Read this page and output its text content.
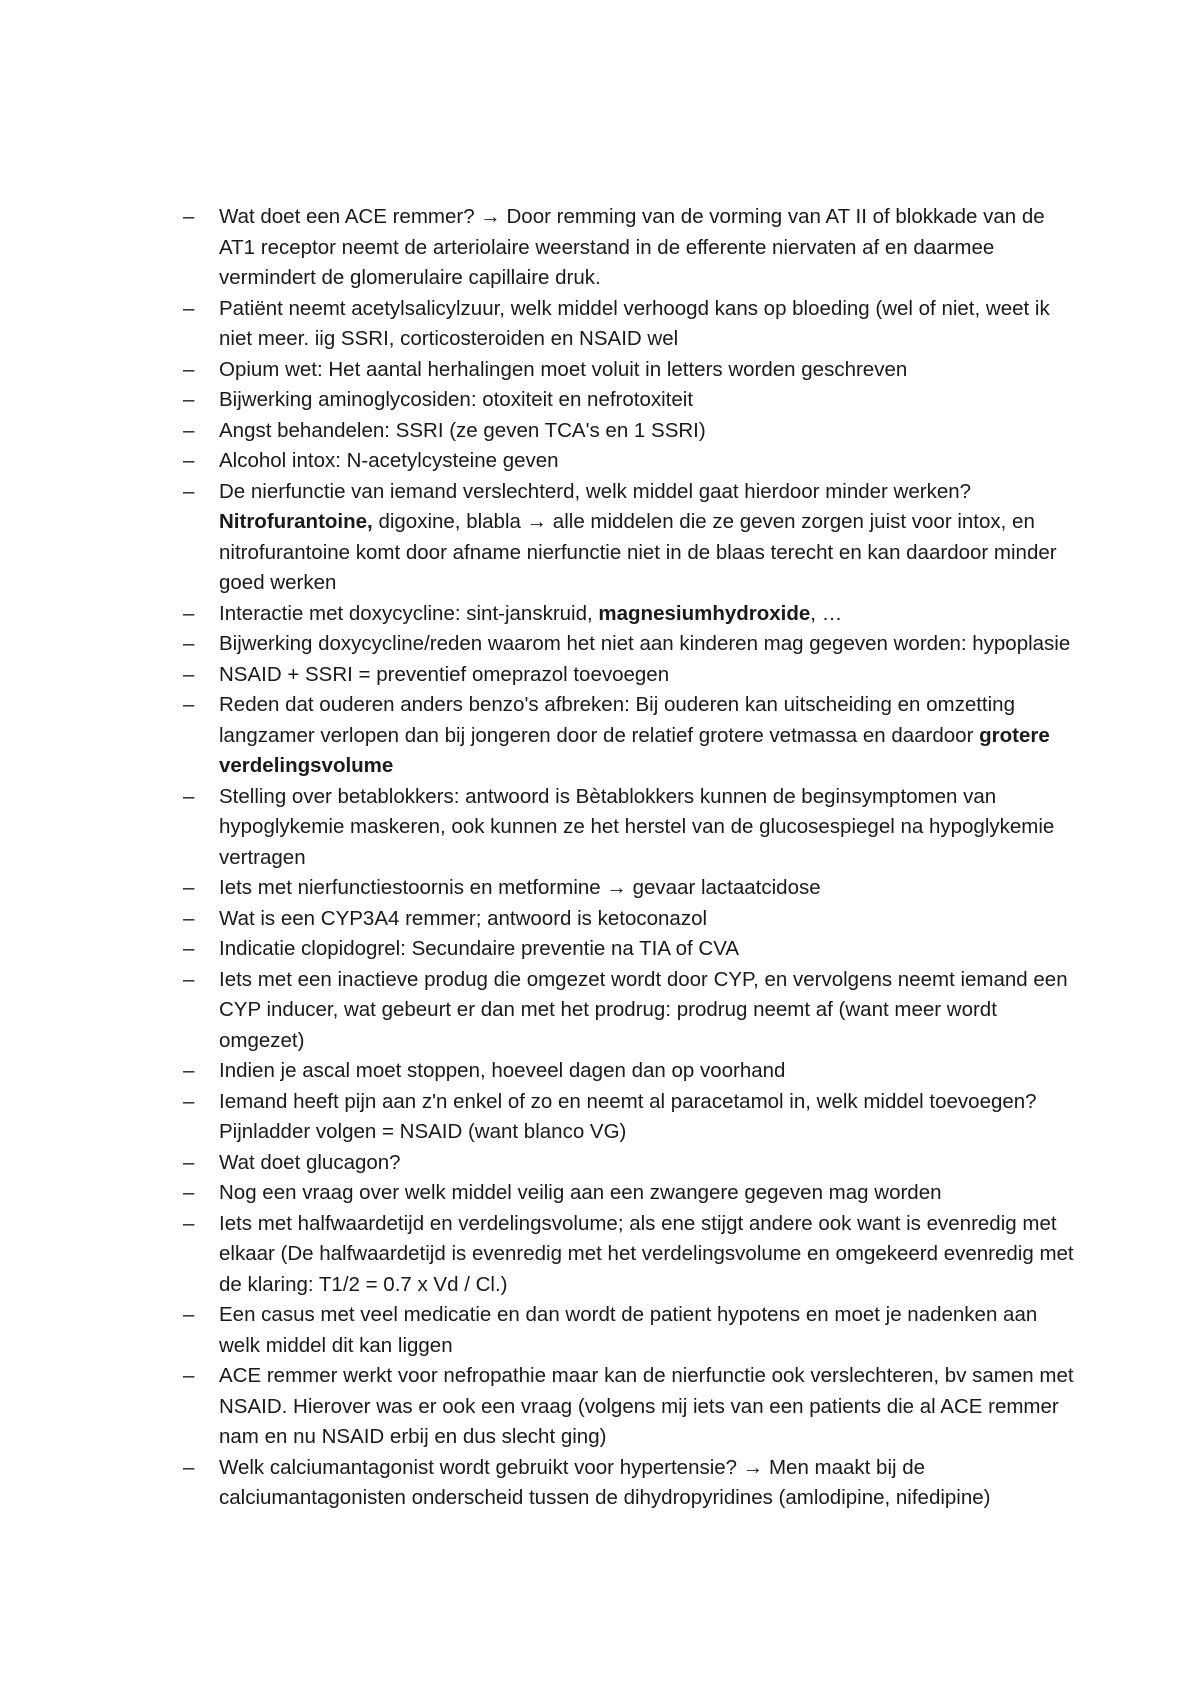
–	Wat doet een ACE remmer? → Door remming van de vorming van AT II of blokkade van de AT1 receptor neemt de arteriolaire weerstand in de efferente niervaten af en daarmee vermindert de glomerulaire capillaire druk.
–	Patiënt neemt acetylsalicylzuur, welk middel verhoogd kans op bloeding (wel of niet, weet ik niet meer. iig SSRI, corticosteroiden en NSAID wel
–	Opium wet: Het aantal herhalingen moet voluit in letters worden geschreven
–	Bijwerking aminoglycosiden: otoxiteit en nefrotoxiteit
–	Angst behandelen: SSRI (ze geven TCA's en 1 SSRI)
–	Alcohol intox: N-acetylcysteine geven
–	De nierfunctie van iemand verslechterd, welk middel gaat hierdoor minder werken? Nitrofurantoine, digoxine, blabla → alle middelen die ze geven zorgen juist voor intox, en nitrofurantoine komt door afname nierfunctie niet in de blaas terecht en kan daardoor minder goed werken
–	Interactie met doxycycline: sint-janskruid, magnesiumhydroxide, …
–	Bijwerking doxycycline/reden waarom het niet aan kinderen mag gegeven worden: hypoplasie
–	NSAID + SSRI = preventief omeprazol toevoegen
–	Reden dat ouderen anders benzo's afbreken: Bij ouderen kan uitscheiding en omzetting langzamer verlopen dan bij jongeren door de relatief grotere vetmassa en daardoor grotere verdelingsvolume
–	Stelling over betablokkers: antwoord is Bètablokkers kunnen de beginsymptomen van hypoglykemie maskeren, ook kunnen ze het herstel van de glucosespiegel na hypoglykemie vertragen
–	Iets met nierfunctiestoornis en metformine → gevaar lactaatcidose
–	Wat is een CYP3A4 remmer; antwoord is ketoconazol
–	Indicatie clopidogrel: Secundaire preventie na TIA of CVA
–	Iets met een inactieve produg die omgezet wordt door CYP, en vervolgens neemt iemand een CYP inducer, wat gebeurt er dan met het prodrug: prodrug neemt af (want meer wordt omgezet)
–	Indien je ascal moet stoppen, hoeveel dagen dan op voorhand
–	Iemand heeft pijn aan z'n enkel of zo en neemt al paracetamol in, welk middel toevoegen? Pijnladder volgen = NSAID (want blanco VG)
–	Wat doet glucagon?
–	Nog een vraag over welk middel veilig aan een zwangere gegeven mag worden
–	Iets met halfwaardetijd en verdelingsvolume; als ene stijgt andere ook want is evenredig met elkaar (De halfwaardetijd is evenredig met het verdelingsvolume en omgekeerd evenredig met de klaring: T1/2 = 0.7 x Vd / Cl.)
–	Een casus met veel medicatie en dan wordt de patient hypotens en moet je nadenken aan welk middel dit kan liggen
–	ACE remmer werkt voor nefropathie maar kan de nierfunctie ook verslechteren, bv samen met NSAID. Hierover was er ook een vraag (volgens mij iets van een patients die al ACE remmer nam en nu NSAID erbij en dus slecht ging)
–	Welk calciumantagonist wordt gebruikt voor hypertensie? → Men maakt bij de calciumantagonisten onderscheid tussen de dihydropyridines (amlodipine, nifedipine)
